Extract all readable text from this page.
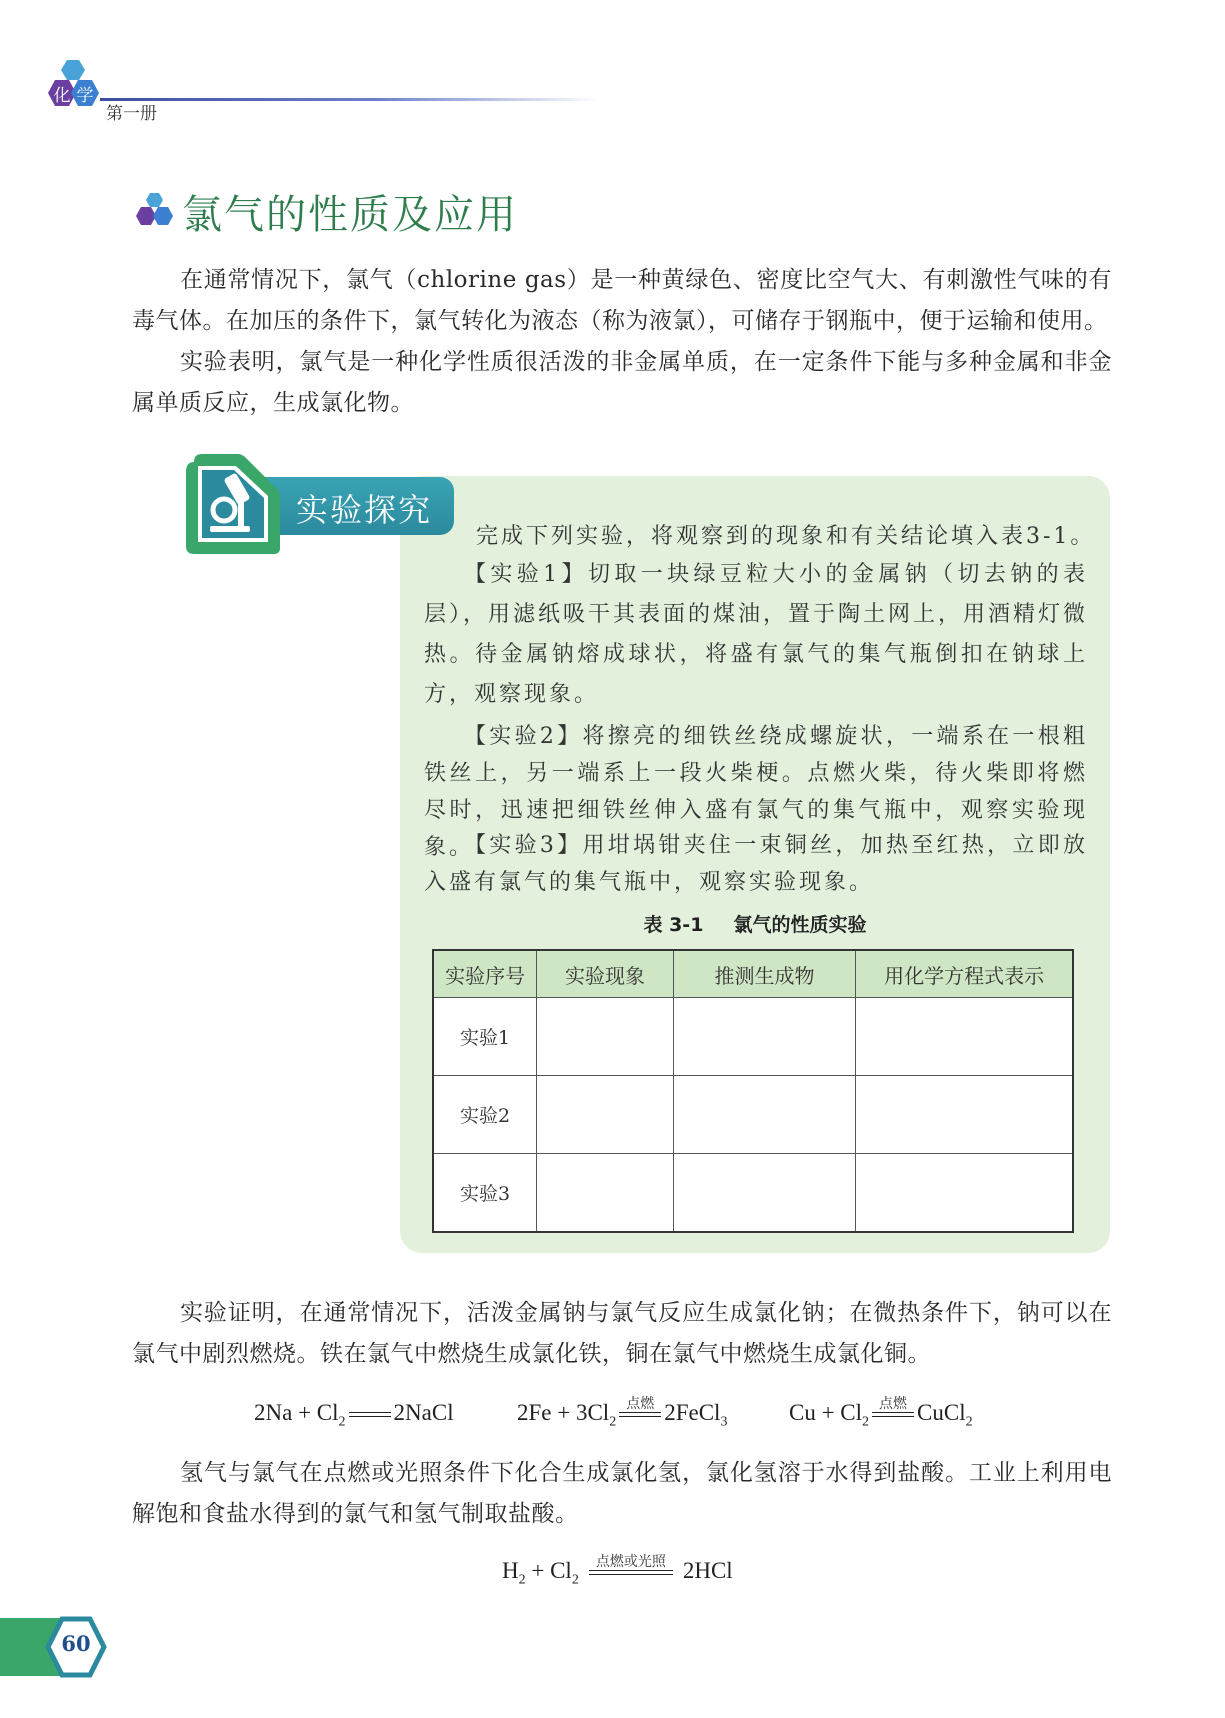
化 学
第一册
氯气的性质及应用

在通常情况下，氯气（chlorine gas）是一种黄绿色、密度比空气大、有刺激性气味的有毒气体。在加压的条件下，氯气转化为液态（称为液氯），可储存于钢瓶中，便于运输和使用。

实验表明，氯气是一种化学性质很活泼的非金属单质，在一定条件下能与多种金属和非金属单质反应，生成氯化物。

实验探究
完成下列实验，将观察到的现象和有关结论填入表3-1。
【实验1】切取一块绿豆粒大小的金属钠（切去钠的表层），用滤纸吸干其表面的煤油，置于陶土网上，用酒精灯微热。待金属钠熔成球状，将盛有氯气的集气瓶倒扣在钠球上方，观察现象。
【实验2】将擦亮的细铁丝绕成螺旋状，一端系在一根粗铁丝上，另一端系上一段火柴梗。点燃火柴，待火柴即将燃尽时，迅速把细铁丝伸入盛有氯气的集气瓶中，观察实验现象。
【实验3】用坩埚钳夹住一束铜丝，加热至红热，立即放入盛有氯气的集气瓶中，观察实验现象。
表 3-1 氯气的性质实验
实验序号	实验现象	推测生成物	用化学方程式表示
实验1			
实验2			
实验3			

实验证明，在通常情况下，活泼金属钠与氯气反应生成氯化钠；在微热条件下，钠可以在氯气中剧烈燃烧。铁在氯气中燃烧生成氯化铁，铜在氯气中燃烧生成氯化铜。

$2Na + Cl_2$ 2NaCl	$2Fe + 3Cl_2$
点燃 2FeCl$_3$	$Cu + Cl_2$
点燃 CuCl$_2$

氢气与氯气在点燃或光照条件下化合生成氯化氢，氯化氢溶于水得到盐酸。工业上利用电解饱和食盐水得到的氯气和氢气制取盐酸。

$H_2 + Cl_2$
点燃或光照 2HCl
60
